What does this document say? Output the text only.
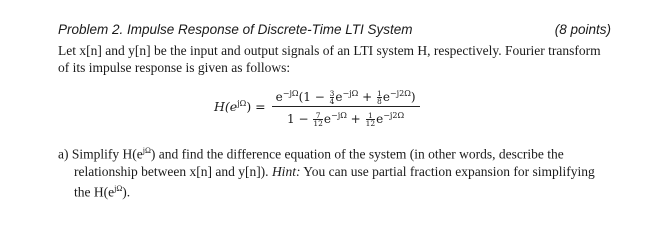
Problem 2. Impulse Response of Discrete-Time LTI System	(8 points)
Let x[n] and y[n] be the input and output signals of an LTI system H, respectively. Fourier transform
of its impulse response is given as follows:
$H(e^{j\Omega}) = \frac{e^{-j\Omega}(1 - \frac{3}{4} e^{-j\Omega} + \frac{1}{8} e^{-j2\Omega})}{1 - \frac{7}{12} e^{-j\Omega} + \frac{1}{12} e^{-j2\Omega}}$
a) Simplify $H(e^{j\Omega})$ and find the difference equation of the system (in other words, describe the
relationship between x[n] and y[n]). Hint: You can use partial fraction expansion for simplifying
the $H(e^{j\Omega})$.
